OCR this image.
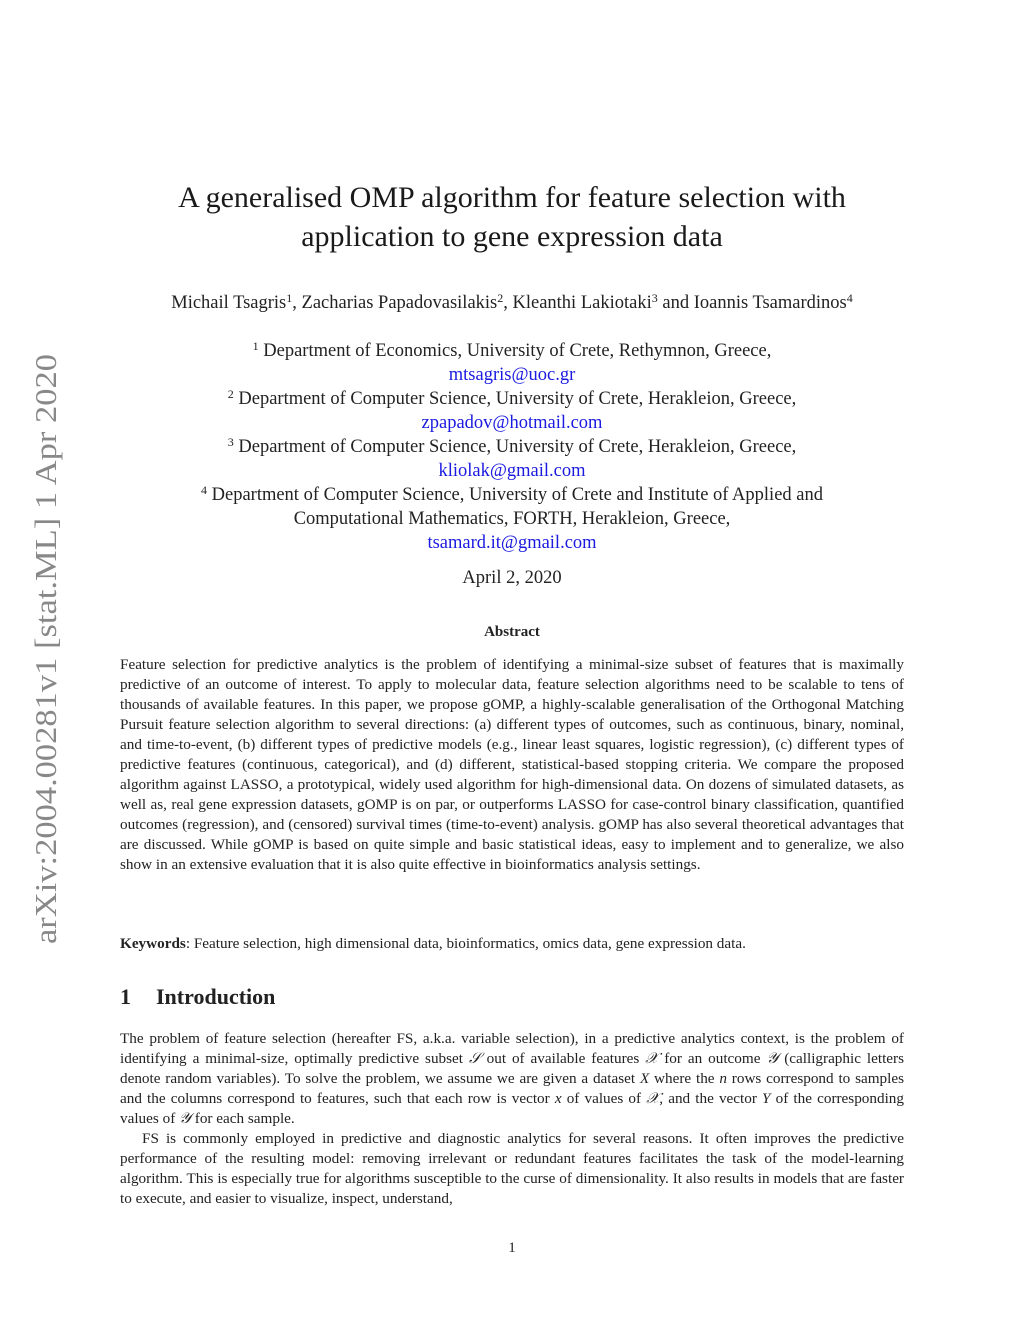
arXiv:2004.00281v1 [stat.ML] 1 Apr 2020
A generalised OMP algorithm for feature selection with
application to gene expression data
Michail Tsagris$^1$, Zacharias Papadovasilakis$^2$, Kleanthi Lakiotaki$^3$ and Ioannis Tsamardinos$^4$
$^1$ Department of Economics, University of Crete, Rethymnon, Greece,
mtsagris@uoc.gr
$^2$ Department of Computer Science, University of Crete, Herakleion, Greece,
zpapadov@hotmail.com
$^3$ Department of Computer Science, University of Crete, Herakleion, Greece,
kliolak@gmail.com
$^4$ Department of Computer Science, University of Crete and Institute of Applied and
Computational Mathematics, FORTH, Herakleion, Greece,
tsamard.it@gmail.com
April 2, 2020
Abstract

Feature selection for predictive analytics is the problem of identifying a minimal-size subset of features that is maximally predictive of an outcome of interest. To apply to molecular data, feature selection algorithms need to be scalable to tens of thousands of available features. In this paper, we propose gOMP, a highly-scalable generalisation of the Orthogonal Matching Pursuit feature selection algorithm to several directions: (a) different types of outcomes, such as continuous, binary, nominal, and time-to-event, (b) different types of predictive models (e.g., linear least squares, logistic regression), (c) different types of predictive features (continuous, categorical), and (d) different, statistical-based stopping criteria. We compare the proposed algorithm against LASSO, a prototypical, widely used algorithm for high-dimensional data. On dozens of simulated datasets, as well as, real gene expression datasets, gOMP is on par, or outperforms LASSO for case-control binary classification, quantified outcomes (regression), and (censored) survival times (time-to-event) analysis. gOMP has also several theoretical advantages that are discussed. While gOMP is based on quite simple and basic statistical ideas, easy to implement and to generalize, we also show in an extensive evaluation that it is also quite effective in bioinformatics analysis settings.

Keywords: Feature selection, high dimensional data, bioinformatics, omics data, gene expression data.

1 Introduction

The problem of feature selection (hereafter FS, a.k.a. variable selection), in a predictive analytics context, is the problem of identifying a minimal-size, optimally predictive subset 𝒮 out of available features 𝒳 for an outcome 𝒴 (calligraphic letters denote random variables). To solve the problem, we assume we are given a dataset X where the n rows correspond to samples and the columns correspond to features, such that each row is vector x of values of 𝒳, and the vector Y of the corresponding values of 𝒴 for each sample.

FS is commonly employed in predictive and diagnostic analytics for several reasons. It often improves the predictive performance of the resulting model: removing irrelevant or redundant features facilitates the task of the model-learning algorithm. This is especially true for algorithms susceptible to the curse of dimensionality. It also results in models that are faster to execute, and easier to visualize, inspect, understand,

1
